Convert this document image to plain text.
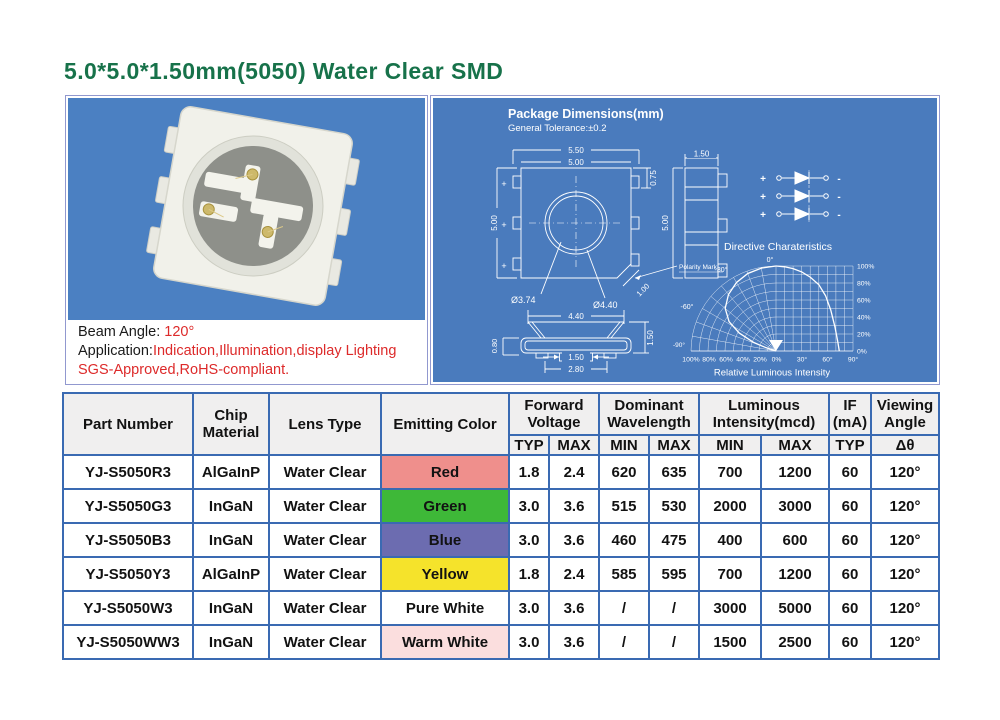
5.0*5.0*1.50mm(5050) Water Clear SMD
Beam Angle: 120°
Application:Indication,Illumination,display Lighting
SGS-Approved,RoHS-compliant.
Package Dimensions(mm)
General Tolerance:±0.2
5.50
5.00
5.00
0.75
1.00
Ø3.74	Ø4.40
Polarity Mark
+
+
+
4.40
1.50
0.80
1.50
2.80
1.50
5.00
+
+
+
-
-
-
Directive Charateristics
0°
-30°
-60°
-90°
100% 80% 60% 40% 20% 0% 30° 60° 90°
100%
80%
60%
40%
20%
0%
Relative Luminous Intensity
Part Number	Chip Material	Lens Type	Emitting Color	Forward Voltage		Dominant Wavelength		Luminous Intensity(mcd)		IF (mA)	Viewing Angle
				TYP	MAX	MIN	MAX	MIN	MAX	TYP	Δθ
YJ-S5050R3	AlGaInP	Water Clear	Red	1.8	2.4	620	635	700	1200	60	120°
YJ-S5050G3	InGaN	Water Clear	Green	3.0	3.6	515	530	2000	3000	60	120°
YJ-S5050B3	InGaN	Water Clear	Blue	3.0	3.6	460	475	400	600	60	120°
YJ-S5050Y3	AlGaInP	Water Clear	Yellow	1.8	2.4	585	595	700	1200	60	120°
YJ-S5050W3	InGaN	Water Clear	Pure White	3.0	3.6	/	/	3000	5000	60	120°
YJ-S5050WW3	InGaN	Water Clear	Warm White	3.0	3.6	/	/	1500	2500	60	120°
